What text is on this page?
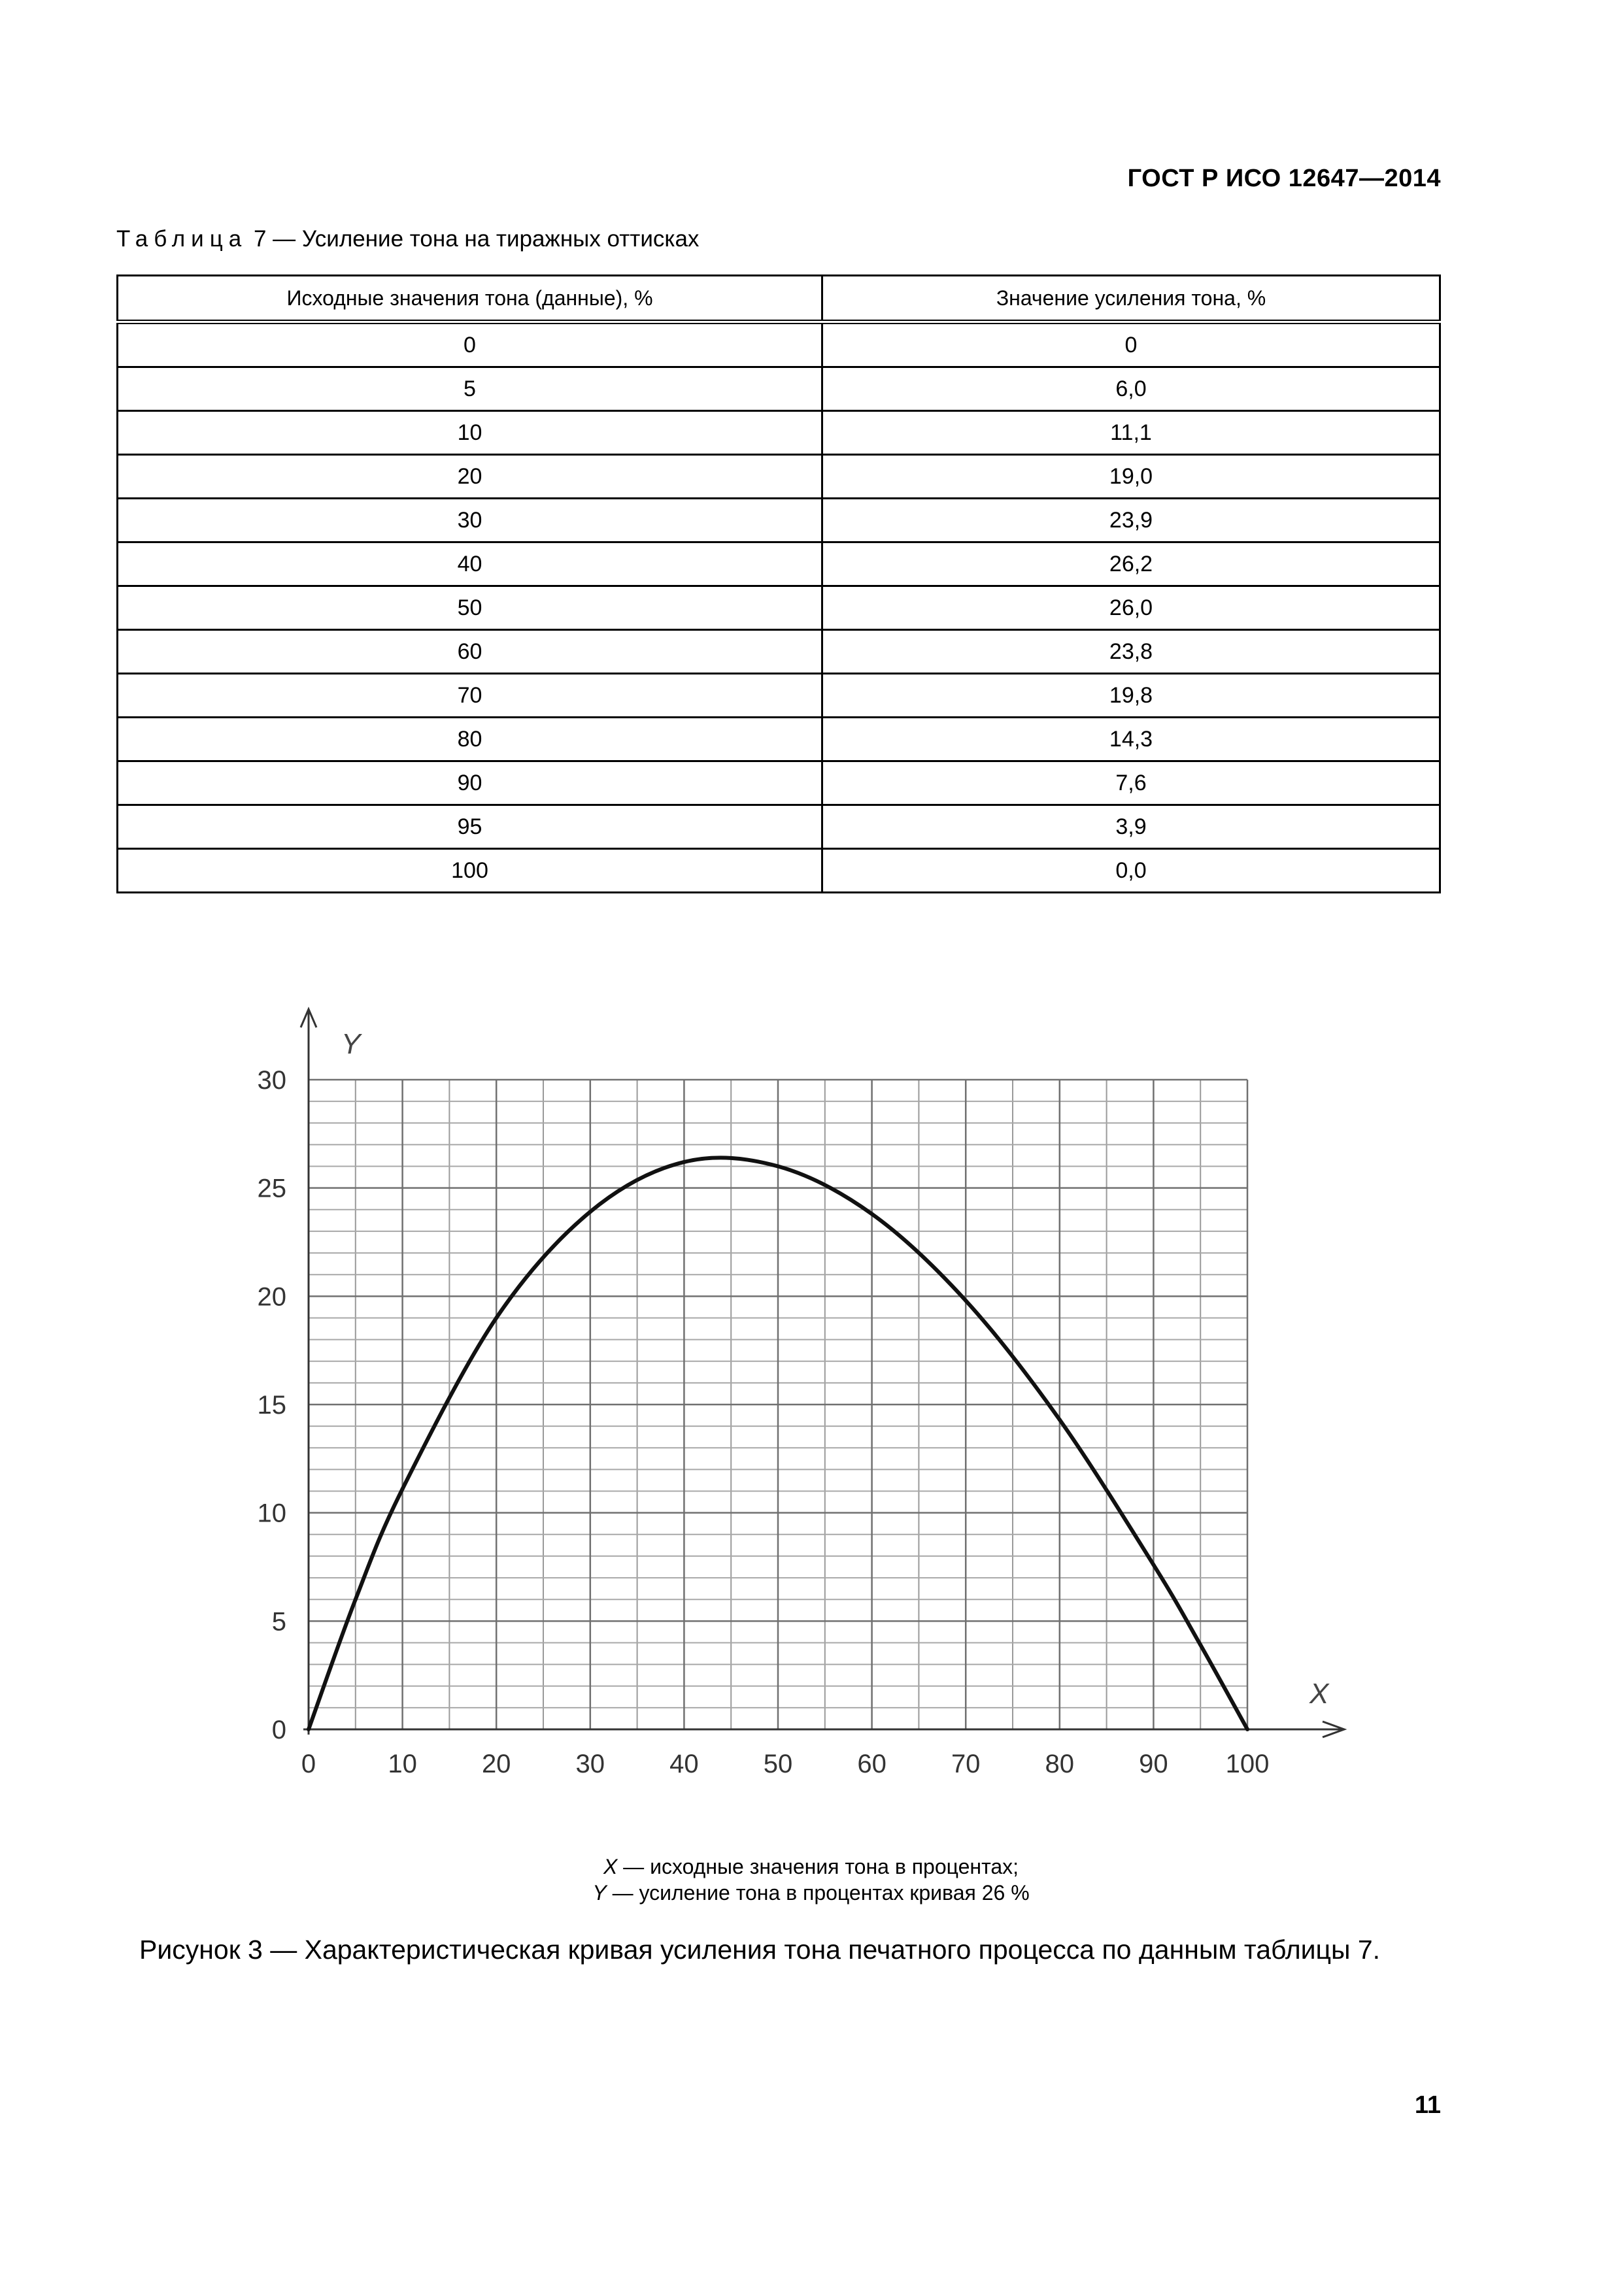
ГОСТ Р ИСО 12647—2014
Таблица 7 — Усиление тона на тиражных оттисках
Исходные значения тона (данные), %	Значение усиления тона, %
0	0
5	6,0
10	11,1
20	19,0
30	23,9
40	26,2
50	26,0
60	23,8
70	19,8
80	14,3
90	7,6
95	3,9
100	0,0
Y
X
0	10 20 30 40 50 60 70 80 90 100
0
5
10
15
20
25
30
X — исходные значения тона в процентах;
Y — усиление тона в процентах кривая 26 %
Рисунок 3 — Характеристическая кривая усиления тона печатного процесса по данным таблицы 7.
11
